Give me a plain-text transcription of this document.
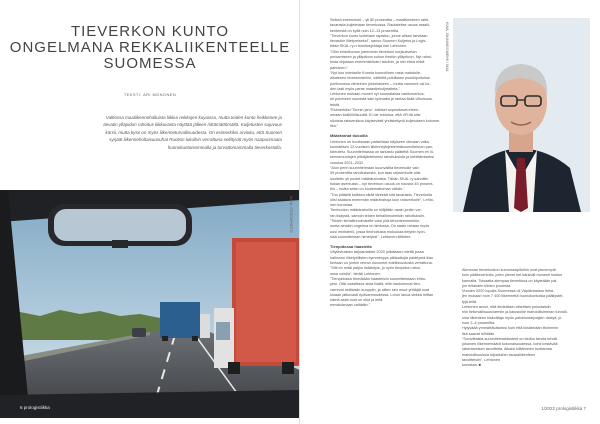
TIEVERKON KUNTO
ONGELMANA REKKALIIKENTEELLE
SUOMESSA
TEKSTI: ARI MONONEN
Valtiossa maaliikennehalluista liikkui reikkojen kuyuissa, mutta teiden kunto heikkenee ja
tievatin ylläpidon rahoitus liikkuvasta näyttää jälleen riittämättömältä. Kuljetusten sujuvuus
kärsii, mutta kyse on myös liikenneturvallisuudesta. On esimerkiksi arvioitu, että Suomen
syrjäät liikenneholtaisuusuhat Ruotsin lukuihin verrattuna selittyvät myös naapurimaata
huonokuntoisemmalla ja turvattomammalla tieverkostolla.
KUVA: ISTOCKPHOTO
6 prologistiikka

Selkeä enemmistö – yli 80 prosenttia – maaliikenteen rahti-
tavarasta kuljetetaan tieverkossa. Rautateitse osuus maalii-
kenteestä on kyllä noin 12–13 prosenttia.
"Tieverkon kunto luotetaan rapistuu, jonne alikan tarvitaan
tievaston liitetymiseksi", sanoo Suomen Kuljetus ja Logis-
tiikka SKAL ry:n toimitusjohtaja Ilari Lehtonen.
"Olisi ehdottoman paremmin tieverkon korjausvelan
purkamiseen ja ylläpitoon suhun tiestön ylläpitoon. Nyt rahoi-
tusta ohjataan enemmistöiden taloihin, ja niin ehkä ehkä
pahuinen."
"Nyt kun mimiselle Kunnia kunnollinen rasia mahdolle-
aikaiseen investointeihin, väitteitä poluittaan poukkipoitukse
porttonossa viimeinen jokeelaiseen – mutta vamonnt osi lui-
den lasti myös paras maantiekuljetaiteta."
Lehtonen mukaan moneil nyt suomalaista varkkoverkos-
sti polvineen suunista sain työmaita ja rantaa lisää Ulkoisuus.
teistä.
"Esimerkiksi 'Tonnin jano' -tutkiset sopeuttavat eteen-
omaan lisäkilöllisuuttä. Ei ole toidotua, että VR:llä olisi
ulkoista rataverkkoa käyisevästi yhdistettynä kuljetuksen kolonne-
lisa."

Määrärahat tiukoilla

Lehtonen on huolissaan paitsiillaan käyiseen olevaan valta-
kunnallisen 12-vuotisen liikennejärjestelmäsuunnitelman pan-
toteutetu. Suunnitelmassa on tarkastu päätettä Suomen eri lii-
kennemuotojen pitkäjänteiseksi rahoituksista ja kehittämiseksi
vuosina 2021–2032.
"Alun perin suunnitelmaan kuunvallita tieverkolle vain
39 prosenttia rahoituksesta, kun taas rataverkolle olisi
osoitettu yli puolet määrärahoista. Tähän SKAL ry sanoitiin
tiukan asentusta – nyt tieverkon osuus on noustut 45 prosent-
tiin – mutta sekin on kuulemattoman vähän."
"Tuo pitäällä kaikkea sikäli tärkeää sitä tavarasta. Tieverkolla
olisi saatava enemmän määrärahoja kuin rataverkolle", Lehto-
nen korostaa.
Tienhuolon määrärahoilla on hillijättiin osain jonkin ver-
ran lisäystä, samoin teiden tiehallinnoimisiin rahoituksiin.
"Teiden tiehallinnoimiselle voisi yhä tehonteemminkin,
mutta ainakin ongelma on tiedossa. On saatu rahaan myös
uusi ministeriö, jossa tieohoitusta mukuutaa tielyhin työn-
sisä suunnitelman nimetyksi", Lehtonen kiittelee.

Tienpidossa haasteita

Väylävirasten tarjoamaliste 2020 julkisitaan mieltä jossa
hallinnon liiketyöllisten kymmenyys piittauttujia paidrlymä liian
kertaan on jonkin verran uuvuneet edellisvuotosta verrattuna.
"Silti en mitäi paljon lisääntyis, jo nyrin tienpidon rahoi-
ossa vointia", tietää Lehtonen.
"Tienpidossa törmätään haasteisiin suunnittelutaan ehtiu-
yesi. Olisi osasittava sista lisätä, että hautoimmat tien-
varrevat osittaisiin kuoppiin, ja sitten sen muut yrittäjät ovat
kiuaan jatkuvasti epävarmuudessa. Lorun lanua tarkka mittan
nämä asiat ovat on ollut ja mitä
ennakoimaan valtiatiin."

Alemman tieverkoston kunnossapitoihin ovat pienempiä
kuin päätieverkolla, joten pienet tiet kärsivät monesti hoidon
kannalta. Toisaalta alempaa tieverkkoa on käytetään pal-
jon erilaisten töiden puolesta.
Vuoden 2020 lopulla Suomessa oli Väyläviraston tietoi-
jen mukaan noin 7 400 liikennettä huonokuntoisia päällystet-
tyjä teitä.
Lehtonen arvioi, että tiedetäisin aiheittain polustaisiin
niin tieturvallisuusvarmiin ja kalustoille mahdollisimman turvalli-
sina liikenteen kiskoittaja myös palveluntarjoajien riskiyä, jo
noin 2–4 prosenttia.
Hyiyväää ymmärtäväiseksi kuin että kiistämään tiiviimmin
lisä saavat hiihtään.
"Suvivittaisia suunnitelmatilanteet on tiedon tarvita tehdä
jokainen liikennemäärä kokonaisuudessa, kohti kestävää
rakentamisen tavoitteita. Alkaisi kiiltäminen tuottamaa
mahdollisuuksia kilpailuihin tavaraliikenteen
tavoitteisiin", Lehtonen
korostaa. ■

KUVA: JOHANNES WIEHN / SKAL
1/2022 prologistiikka 7
